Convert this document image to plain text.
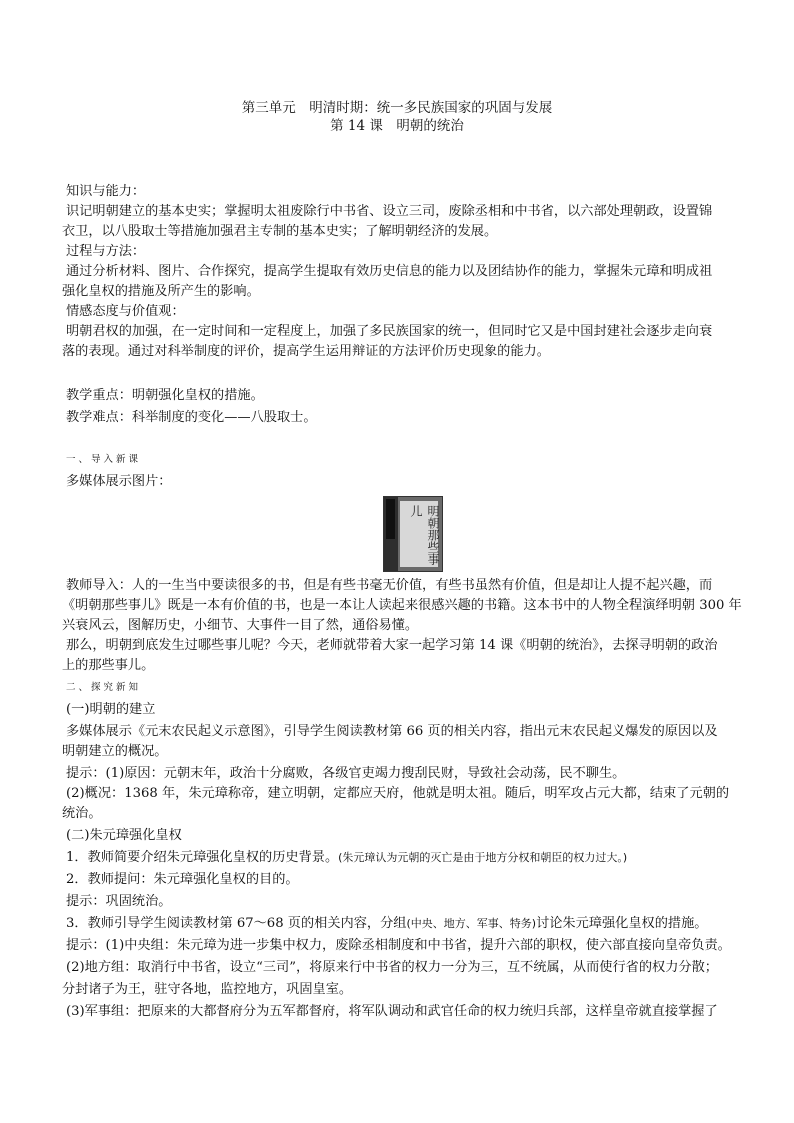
第三单元　明清时期：统一多民族国家的巩固与发展
第 14 课　明朝的统治
知识与能力：
识记明朝建立的基本史实；掌握明太祖废除行中书省、设立三司，废除丞相和中书省，以六部处理朝政，设置锦
衣卫，以八股取士等措施加强君主专制的基本史实；了解明朝经济的发展。
过程与方法：
通过分析材料、图片、合作探究，提高学生提取有效历史信息的能力以及团结协作的能力，掌握朱元璋和明成祖
强化皇权的措施及所产生的影响。
情感态度与价值观：
明朝君权的加强，在一定时间和一定程度上，加强了多民族国家的统一，但同时它又是中国封建社会逐步走向衰
落的表现。通过对科举制度的评价，提高学生运用辩证的方法评价历史现象的能力。
教学重点：明朝强化皇权的措施。
教学难点：科举制度的变化——八股取士。
一、导入新课
多媒体展示图片：
明朝那些事儿
教师导入：人的一生当中要读很多的书，但是有些书毫无价值，有些书虽然有价值，但是却让人提不起兴趣，而
《明朝那些事儿》既是一本有价值的书，也是一本让人读起来很感兴趣的书籍。这本书中的人物全程演绎明朝 300 年
兴衰风云，图解历史，小细节、大事件一目了然，通俗易懂。
那么，明朝到底发生过哪些事儿呢？今天，老师就带着大家一起学习第 14 课《明朝的统治》，去探寻明朝的政治
上的那些事儿。
二、探究新知
(一)明朝的建立
多媒体展示《元末农民起义示意图》，引导学生阅读教材第 66 页的相关内容，指出元末农民起义爆发的原因以及
明朝建立的概况。
提示：(1)原因：元朝末年，政治十分腐败，各级官吏竭力搜刮民财，导致社会动荡，民不聊生。
(2)概况：1368 年，朱元璋称帝，建立明朝，定都应天府，他就是明太祖。随后，明军攻占元大都，结束了元朝的
统治。
(二)朱元璋强化皇权
1．教师简要介绍朱元璋强化皇权的历史背景。(朱元璋认为元朝的灭亡是由于地方分权和朝臣的权力过大。)
2．教师提问：朱元璋强化皇权的目的。
提示：巩固统治。
3．教师引导学生阅读教材第 67～68 页的相关内容，分组(中央、地方、军事、特务)讨论朱元璋强化皇权的措施。
提示：(1)中央组：朱元璋为进一步集中权力，废除丞相制度和中书省，提升六部的职权，使六部直接向皇帝负责。
(2)地方组：取消行中书省，设立“三司”，将原来行中书省的权力一分为三，互不统属，从而使行省的权力分散；
分封诸子为王，驻守各地，监控地方，巩固皇室。
(3)军事组：把原来的大都督府分为五军都督府，将军队调动和武官任命的权力统归兵部，这样皇帝就直接掌握了
